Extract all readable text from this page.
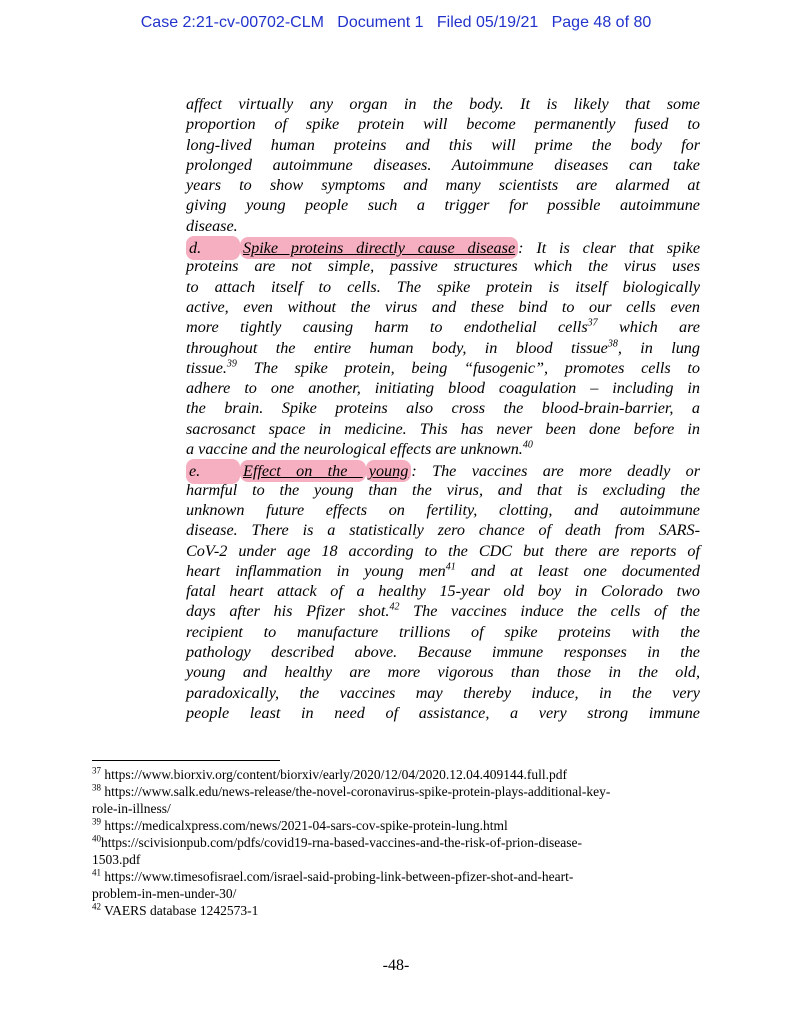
Case 2:21-cv-00702-CLM   Document 1   Filed 05/19/21   Page 48 of 80
affect virtually any organ in the body. It is likely that some
proportion of spike protein will become permanently fused to
long-lived human proteins and this will prime the body for
prolonged autoimmune diseases. Autoimmune diseases can take
years to show symptoms and many scientists are alarmed at
giving young people such a trigger for possible autoimmune
disease.
d.	Spike proteins directly cause disease : It is clear that spike
proteins are not simple, passive structures which the virus uses
to attach itself to cells. The spike protein is itself biologically
active, even without the virus and these bind to our cells even
more tightly causing harm to endothelial cells$^{37}$ which are
throughout the entire human body, in blood tissue$^{38}$, in lung
tissue.$^{39}$ The spike protein, being “fusogenic”, promotes cells to
adhere to one another, initiating blood coagulation – including in
the brain. Spike proteins also cross the blood-brain-barrier, a
sacrosanct space in medicine. This has never been done before in
a vaccine and the neurological effects are unknown.$^{40}$
e.	Effect on the young : The vaccines are more deadly or
harmful to the young than the virus, and that is excluding the
unknown future effects on fertility, clotting, and autoimmune
disease. There is a statistically zero chance of death from SARS-
CoV-2 under age 18 according to the CDC but there are reports of
heart inflammation in young men$^{41}$ and at least one documented
fatal heart attack of a healthy 15-year old boy in Colorado two
days after his Pfizer shot.$^{42}$ The vaccines induce the cells of the
recipient to manufacture trillions of spike proteins with the
pathology described above. Because immune responses in the
young and healthy are more vigorous than those in the old,
paradoxically, the vaccines may thereby induce, in the very
people least in need of assistance, a very strong immune

$^{37}$ https://www.biorxiv.org/content/biorxiv/early/2020/12/04/2020.12.04.409144.full.pdf

$^{38}$ https://www.salk.edu/news-release/the-novel-coronavirus-spike-protein-plays-additional-key-
role-in-illness/

$^{39}$ https://medicalxpress.com/news/2021-04-sars-cov-spike-protein-lung.html

$^{40}$https://scivisionpub.com/pdfs/covid19-rna-based-vaccines-and-the-risk-of-prion-disease-
1503.pdf

$^{41}$ https://www.timesofisrael.com/israel-said-probing-link-between-pfizer-shot-and-heart-
problem-in-men-under-30/

$^{42}$ VAERS database 1242573-1

-48-
